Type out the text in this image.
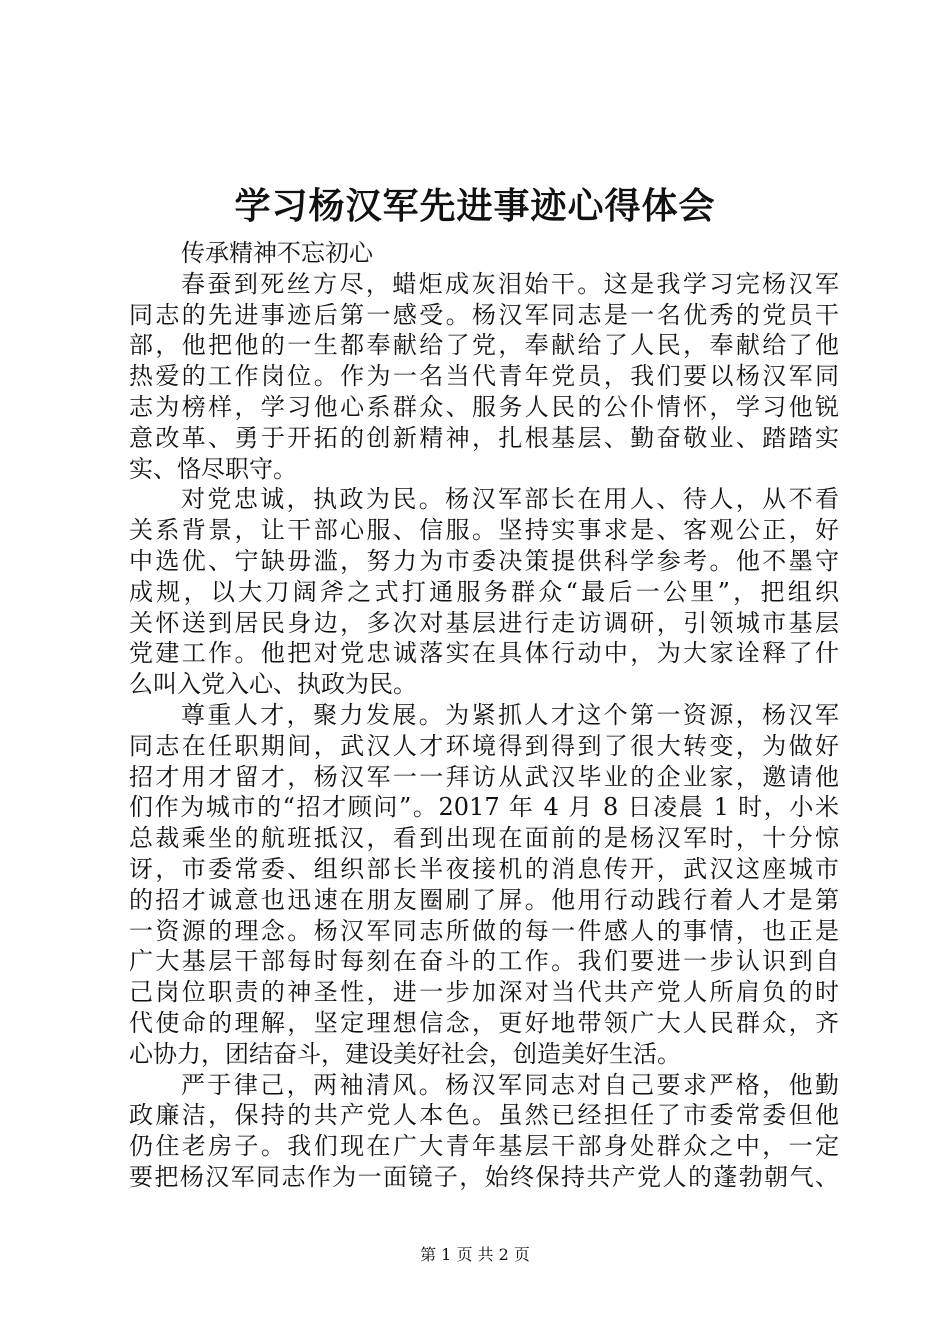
学习杨汉军先进事迹心得体会
传承精神不忘初心
春蚕到死丝方尽，蜡炬成灰泪始干。这是我学习完杨汉军
同志的先进事迹后第一感受。杨汉军同志是一名优秀的党员干
部，他把他的一生都奉献给了党，奉献给了人民，奉献给了他
热爱的工作岗位。作为一名当代青年党员，我们要以杨汉军同
志为榜样，学习他心系群众、服务人民的公仆情怀，学习他锐
意改革、勇于开拓的创新精神，扎根基层、勤奋敬业、踏踏实
实、恪尽职守。
对党忠诚，执政为民。杨汉军部长在用人、待人，从不看
关系背景，让干部心服、信服。坚持实事求是、客观公正，好
中选优、宁缺毋滥，努力为市委决策提供科学参考。他不墨守
成规，以大刀阔斧之式打通服务群众“最后一公里”，把组织
关怀送到居民身边，多次对基层进行走访调研，引领城市基层
党建工作。他把对党忠诚落实在具体行动中，为大家诠释了什
么叫入党入心、执政为民。
尊重人才，聚力发展。为紧抓人才这个第一资源，杨汉军
同志在任职期间，武汉人才环境得到得到了很大转变，为做好
招才用才留才，杨汉军一一拜访从武汉毕业的企业家，邀请他
们作为城市的“招才顾问”。2017 年 4 月 8 日凌晨 1 时，小米
总裁乘坐的航班抵汉，看到出现在面前的是杨汉军时，十分惊
讶，市委常委、组织部长半夜接机的消息传开，武汉这座城市
的招才诚意也迅速在朋友圈刷了屏。他用行动践行着人才是第
一资源的理念。杨汉军同志所做的每一件感人的事情，也正是
广大基层干部每时每刻在奋斗的工作。我们要进一步认识到自
己岗位职责的神圣性，进一步加深对当代共产党人所肩负的时
代使命的理解，坚定理想信念，更好地带领广大人民群众，齐
心协力，团结奋斗，建设美好社会，创造美好生活。
严于律己，两袖清风。杨汉军同志对自己要求严格，他勤
政廉洁，保持的共产党人本色。虽然已经担任了市委常委但他
仍住老房子。我们现在广大青年基层干部身处群众之中，一定
要把杨汉军同志作为一面镜子，始终保持共产党人的蓬勃朝气、
第 1 页 共 2 页
